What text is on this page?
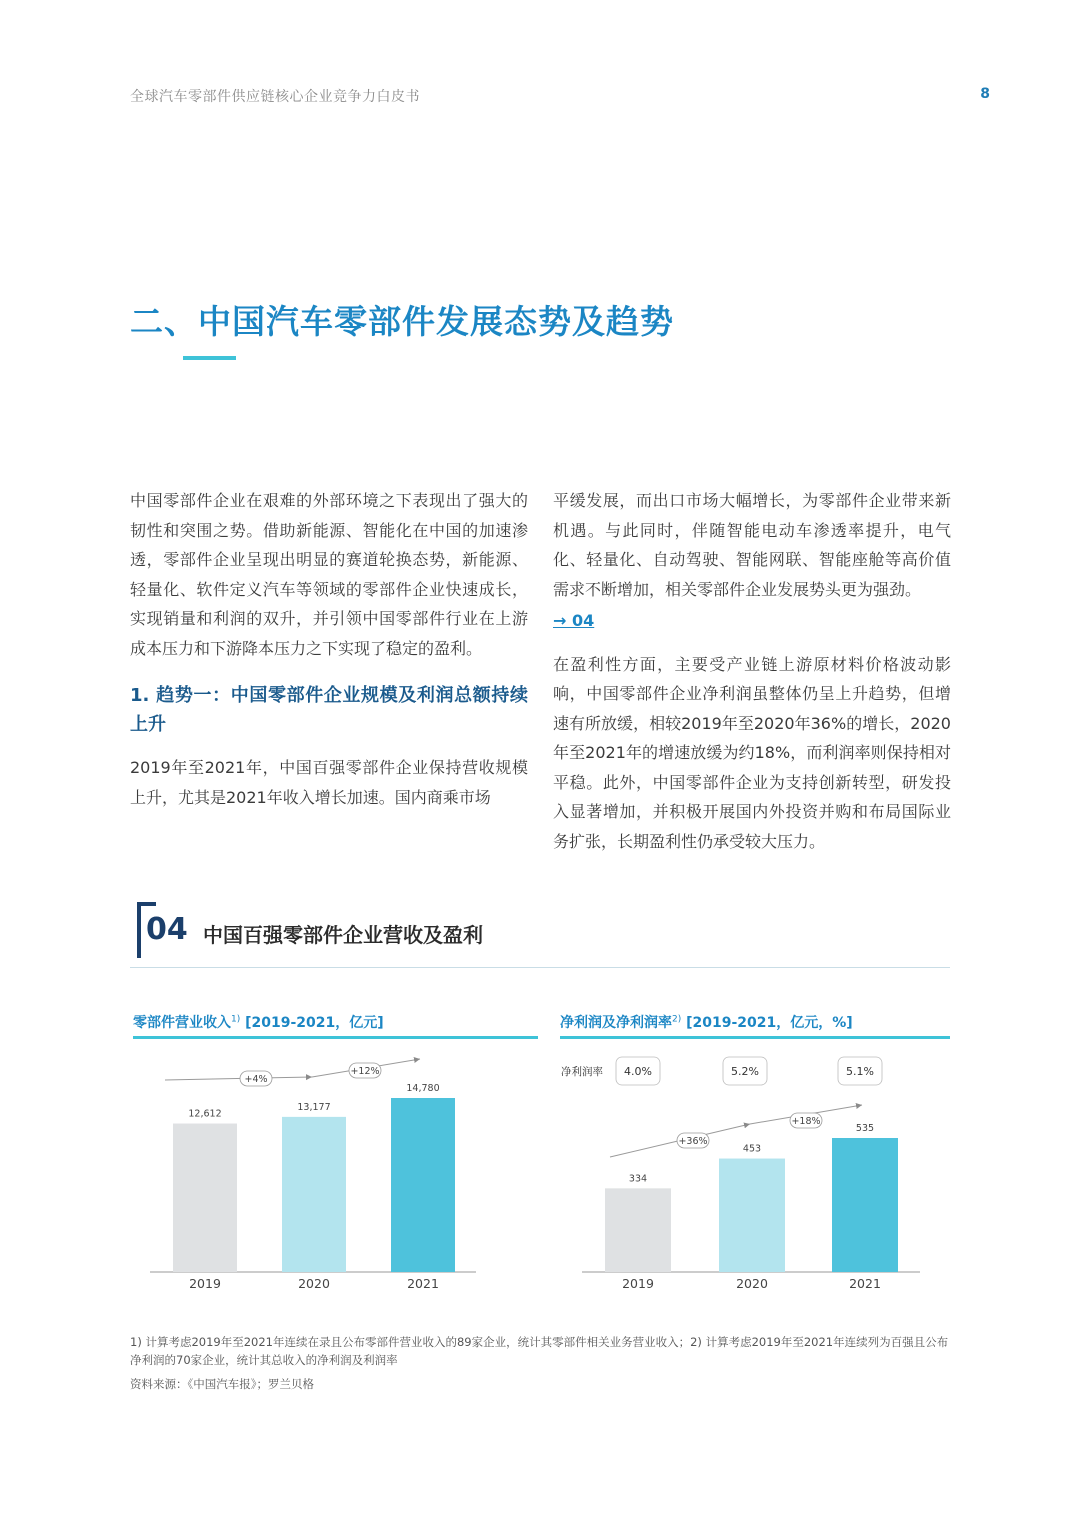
全球汽车零部件供应链核心企业竞争力白皮书	8
二、中国汽车零部件发展态势及趋势

中国零部件企业在艰难的外部环境之下表现出了强大的韧性和突围之势。借助新能源、智能化在中国的加速渗透，零部件企业呈现出明显的赛道轮换态势，新能源、轻量化、软件定义汽车等领域的零部件企业快速成长，实现销量和利润的双升，并引领中国零部件行业在上游成本压力和下游降本压力之下实现了稳定的盈利。

1. 趋势一：中国零部件企业规模及利润总额持续上升

2019年至2021年，中国百强零部件企业保持营收规模上升，尤其是2021年收入增长加速。国内商乘市场

平缓发展，而出口市场大幅增长，为零部件企业带来新机遇。与此同时，伴随智能电动车渗透率提升，电气化、轻量化、自动驾驶、智能网联、智能座舱等高价值需求不断增加，相关零部件企业发展势头更为强劲。

→ 04

在盈利性方面，主要受产业链上游原材料价格波动影响，中国零部件企业净利润虽整体仍呈上升趋势，但增速有所放缓，相较2019年至2020年36%的增长，2020年至2021年的增速放缓为约18%，而利润率则保持相对平稳。此外，中国零部件企业为支持创新转型，研发投入显著增加，并积极开展国内外投资并购和布局国际业务扩张，长期盈利性仍承受较大压力。

04 中国百强零部件企业营收及盈利
零部件营业收入$^{1)}$ [2019-2021，亿元]	净利润及净利润率$^{2)}$ [2019-2021，亿元，%]
12,612
2019
13,177
2020
14,780
2021
+4%
+12%
334
2019
453
2020
535
2021
+36%
+18%
净利润率 4.0%	5.2%	5.1%
1) 计算考虑2019年至2021年连续在录且公布零部件营业收入的89家企业，统计其零部件相关业务营业收入；2) 计算考虑2019年至2021年连续列为百强且公布净利润的70家企业，统计其总收入的净利润及利润率
资料来源：《中国汽车报》；罗兰贝格
